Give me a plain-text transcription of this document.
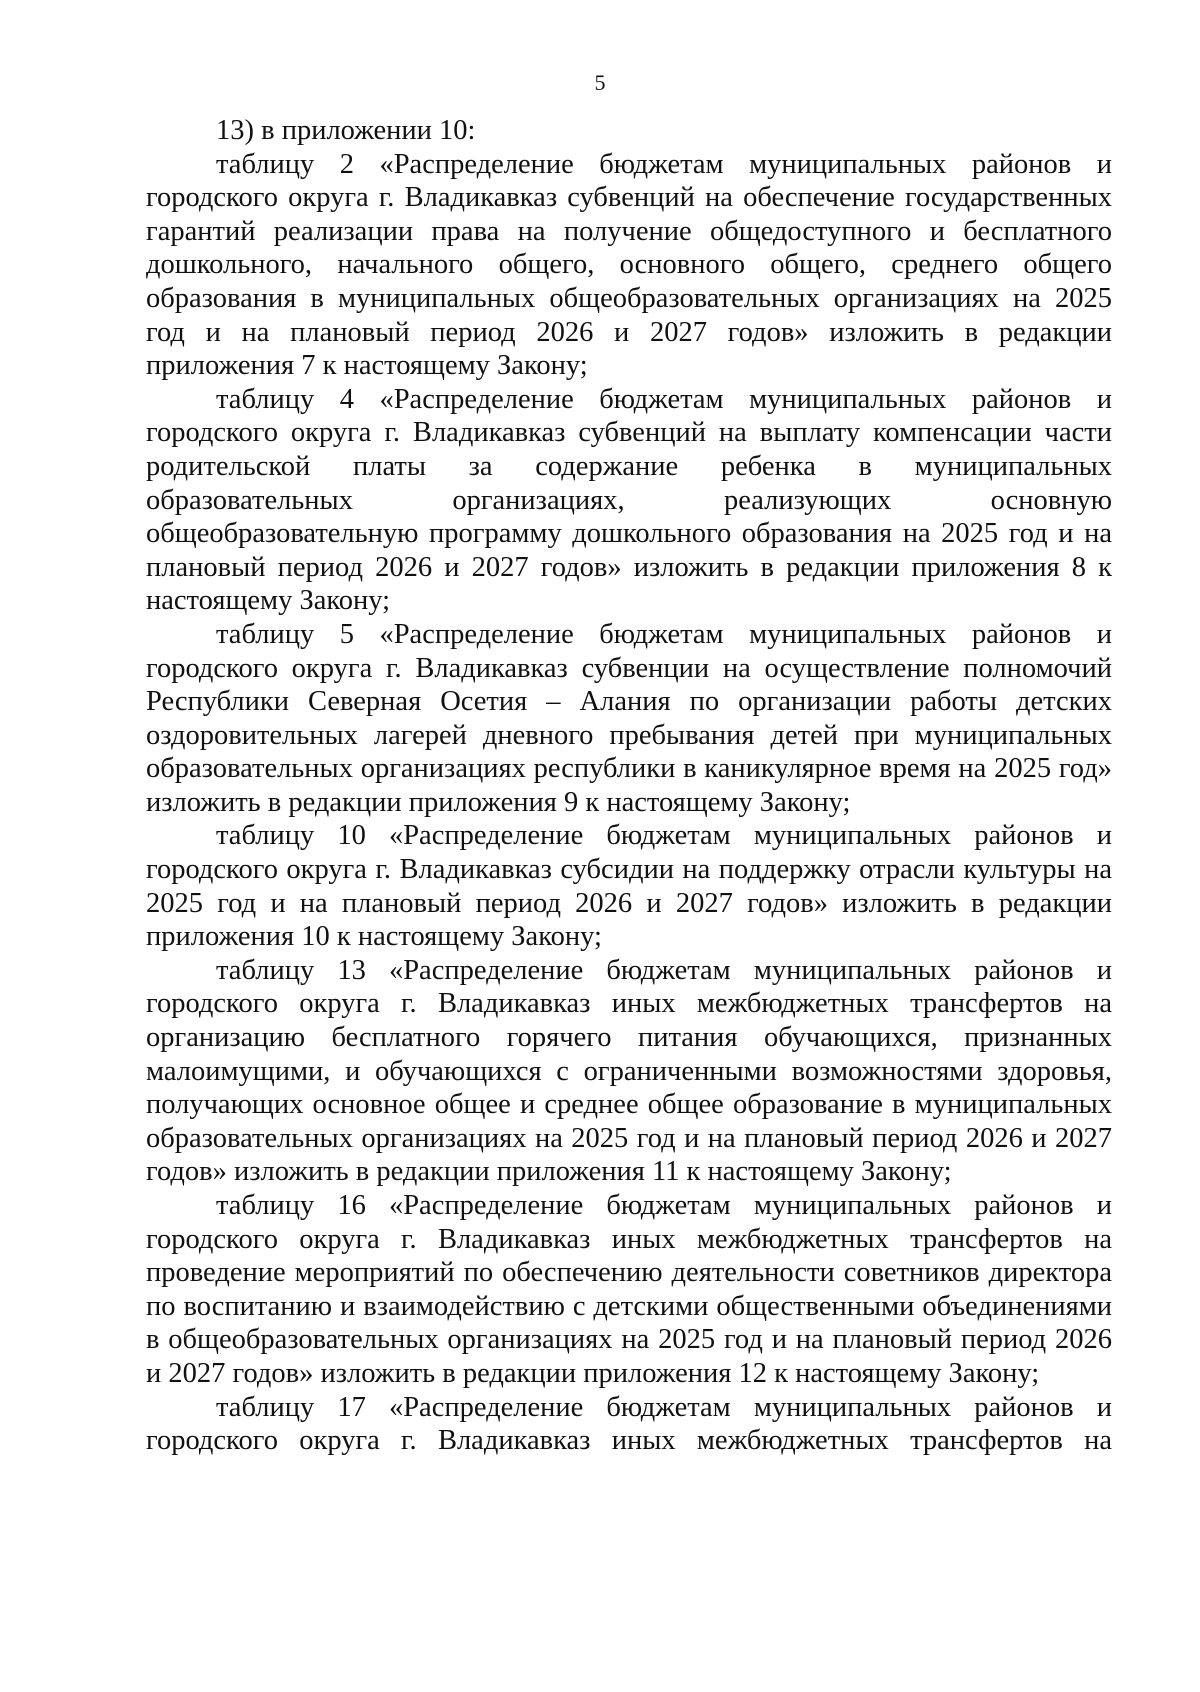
5

13) в приложении 10:

таблицу 2 «Распределение бюджетам муниципальных районов и городского округа г. Владикавказ субвенций на обеспечение государственных гарантий реализации права на получение общедоступного и бесплатного дошкольного, начального общего, основного общего, среднего общего образования в муниципальных общеобразовательных организациях на 2025 год и на плановый период 2026 и 2027 годов» изложить в редакции приложения 7 к настоящему Закону;

таблицу 4 «Распределение бюджетам муниципальных районов и городского округа г. Владикавказ субвенций на выплату компенсации части родительской платы за содержание ребенка в муниципальных образовательных организациях, реализующих основную общеобразовательную программу дошкольного образования на 2025 год и на плановый период 2026 и 2027 годов» изложить в редакции приложения 8 к настоящему Закону;

таблицу 5 «Распределение бюджетам муниципальных районов и городского округа г. Владикавказ субвенции на осуществление полномочий Республики Северная Осетия – Алания по организации работы детских оздоровительных лагерей дневного пребывания детей при муниципальных образовательных организациях республики в каникулярное время на 2025 год» изложить в редакции приложения 9 к настоящему Закону;

таблицу 10 «Распределение бюджетам муниципальных районов и городского округа г. Владикавказ субсидии на поддержку отрасли культуры на 2025 год и на плановый период 2026 и 2027 годов» изложить в редакции приложения 10 к настоящему Закону;

таблицу 13 «Распределение бюджетам муниципальных районов и городского округа г. Владикавказ иных межбюджетных трансфертов на организацию бесплатного горячего питания обучающихся, признанных малоимущими, и обучающихся с ограниченными возможностями здоровья, получающих основное общее и среднее общее образование в муниципальных образовательных организациях на 2025 год и на плановый период 2026 и 2027 годов» изложить в редакции приложения 11 к настоящему Закону;

таблицу 16 «Распределение бюджетам муниципальных районов и городского округа г. Владикавказ иных межбюджетных трансфертов на проведение мероприятий по обеспечению деятельности советников директора по воспитанию и взаимодействию с детскими общественными объединениями в общеобразовательных организациях на 2025 год и на плановый период 2026 и 2027 годов» изложить в редакции приложения 12 к настоящему Закону;

таблицу 17 «Распределение бюджетам муниципальных районов и городского округа г. Владикавказ иных межбюджетных трансфертов на
